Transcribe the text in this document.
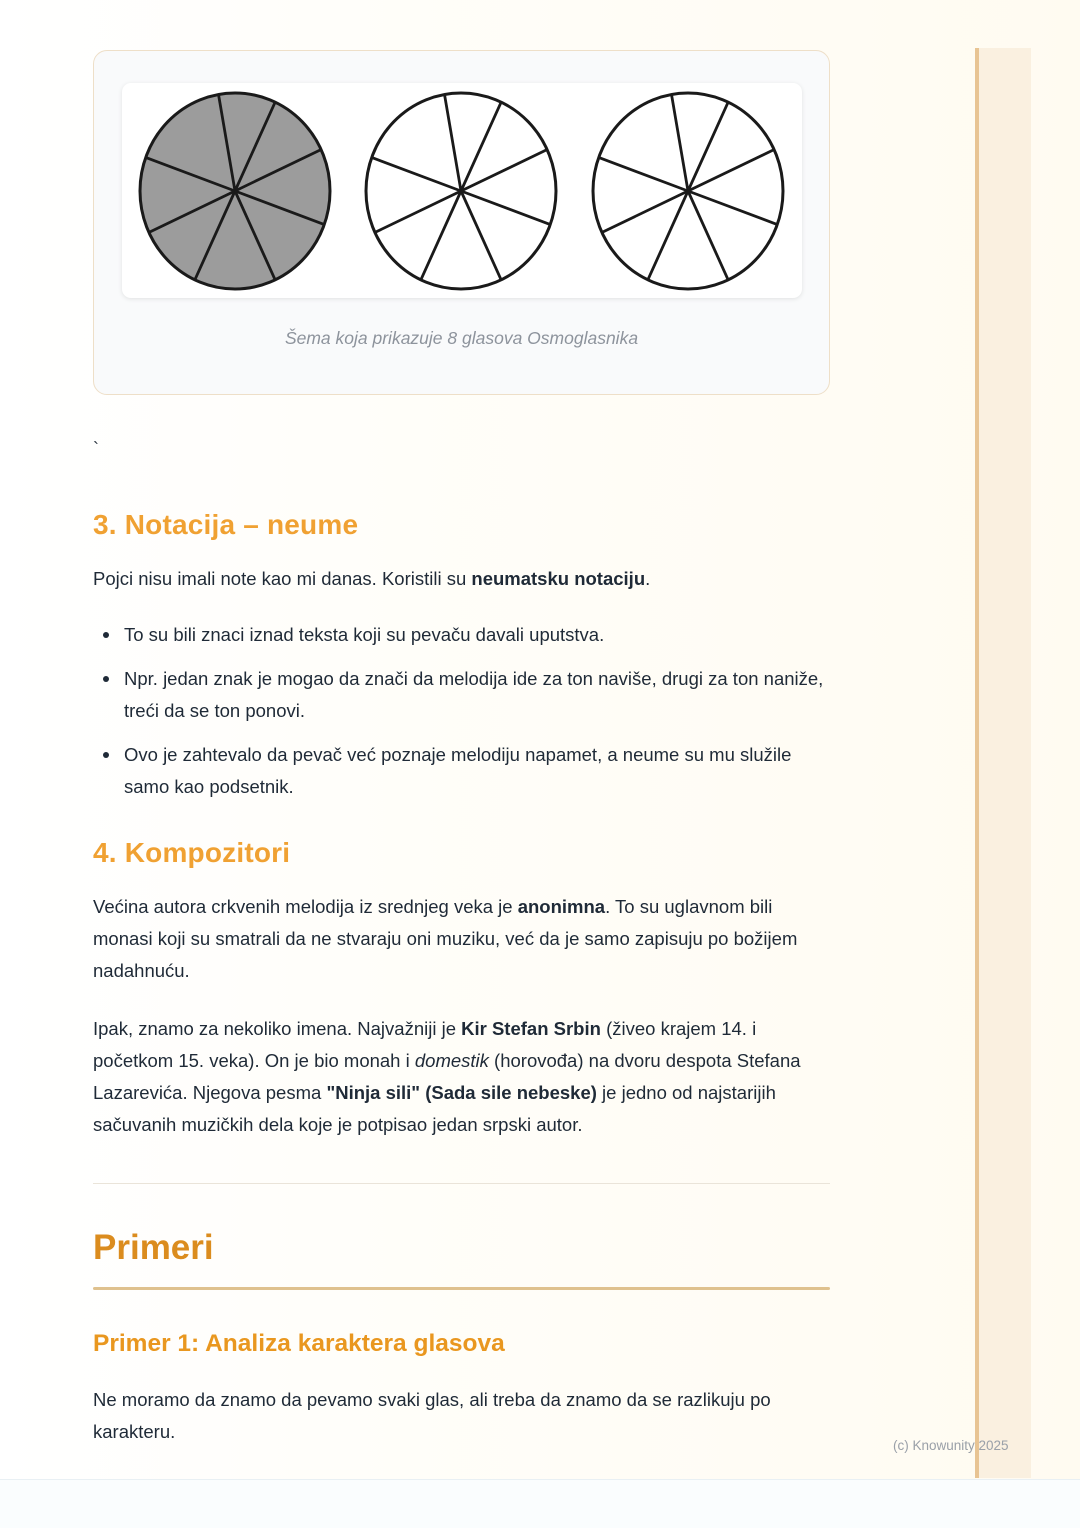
Šema koja prikazuje 8 glasova Osmoglasnika
`
3. Notacija – neume

Pojci nisu imali note kao mi danas. Koristili su neumatsku notaciju.

To su bili znaci iznad teksta koji su pevaču davali uputstva.
Npr. jedan znak je mogao da znači da melodija ide za ton naviše, drugi za ton naniže, treći da se ton ponovi.
Ovo je zahtevalo da pevač već poznaje melodiju napamet, a neume su mu služile samo kao podsetnik.
4. Kompozitori

Većina autora crkvenih melodija iz srednjeg veka je anonimna. To su uglavnom bili monasi koji su smatrali da ne stvaraju oni muziku, već da je samo zapisuju po božijem nadahnuću.

Ipak, znamo za nekoliko imena. Najvažniji je Kir Stefan Srbin (živeo krajem 14. i početkom 15. veka). On je bio monah i domestik (horovođa) na dvoru despota Stefana Lazarevića. Njegova pesma "Ninja sili" (Sada sile nebeske) je jedno od najstarijih sačuvanih muzičkih dela koje je potpisao jedan srpski autor.

Primeri
Primer 1: Analiza karaktera glasova

Ne moramo da znamo da pevamo svaki glas, ali treba da znamo da se razlikuju po karakteru.

(c) Knowunity 2025
